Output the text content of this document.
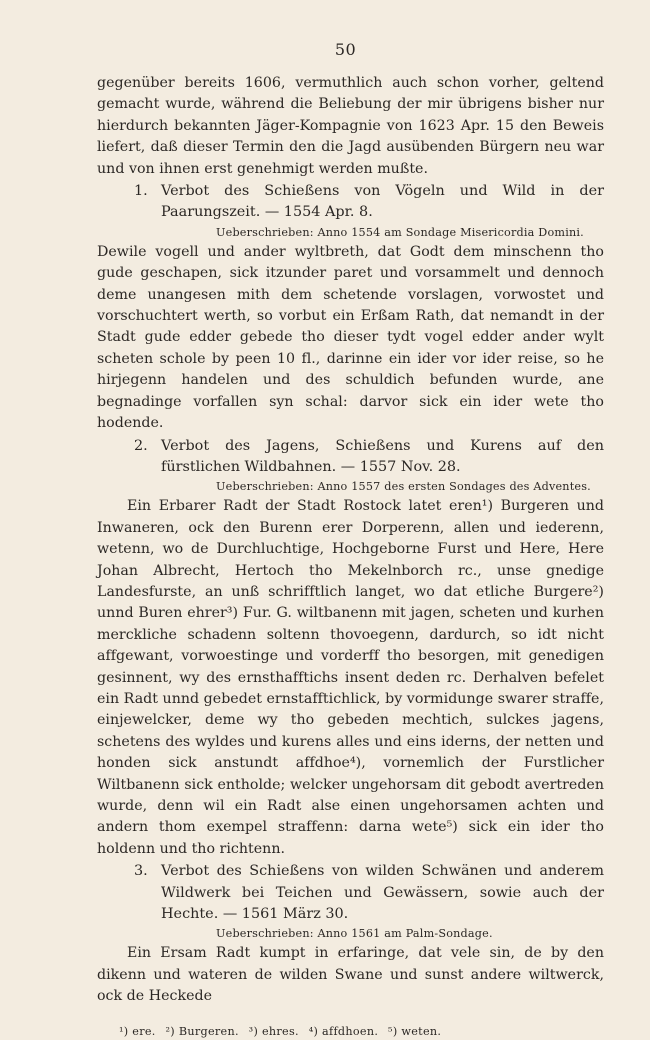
50

gegenüber bereits 1606, vermuthlich auch schon vorher, geltend gemacht wurde, während die Beliebung der mir übrigens bisher nur hierdurch bekannten Jäger-Kompagnie von 1623 Apr. 15 den Beweis liefert, daß dieser Termin den die Jagd ausübenden Bürgern neu war und von ihnen erst genehmigt werden mußte.

1. Verbot des Schießens von Vögeln und Wild in der Paarungszeit. — 1554 Apr. 8.
Ueberschrieben: Anno 1554 am Sondage Misericordia Domini.

Dewile vogell und ander wyltbreth, dat Godt dem minschenn tho gude geschapen, sick itzunder paret und vorsammelt und dennoch deme unangesen mith dem schetende vorslagen, vorwostet und vorschuchtert werth, so vorbut ein Erßam Rath, dat nemandt in der Stadt gude edder gebede tho dieser tydt vogel edder ander wylt scheten schole by peen 10 fl., darinne ein ider vor ider reise, so he hirjegenn handelen und des schuldich befunden wurde, ane begnadinge vorfallen syn schal: darvor sick ein ider wete tho hodende.

2. Verbot des Jagens, Schießens und Kurens auf den fürstlichen Wildbahnen. — 1557 Nov. 28.
Ueberschrieben: Anno 1557 des ersten Sondages des Adventes.

Ein Erbarer Radt der Stadt Rostock latet eren¹) Burgeren und Inwaneren, ock den Burenn erer Dorperenn, allen und iederenn, wetenn, wo de Durchluchtige, Hochgeborne Furst und Here, Here Johan Albrecht, Hertoch tho Mekelnborch rc., unse gnedige Landesfurste, an unß schrifftlich langet, wo dat etliche Burgere²) unnd Buren ehrer³) Fur. G. wiltbanenn mit jagen, scheten und kurhen merckliche schadenn soltenn thovoegenn, dardurch, so idt nicht affgewant, vorwoestinge und vorderff tho besorgen, mit genedigen gesinnent, wy des ernsthafftichs insent deden rc. Derhalven befelet ein Radt unnd gebedet ernstafftichlick, by vormidunge swarer straffe, einjewelcker, deme wy tho gebeden mechtich, sulckes jagens, schetens des wyldes und kurens alles und eins iderns, der netten und honden sick anstundt affdhoe⁴), vornemlich der Furstlicher Wiltbanenn sick entholde; welcker ungehorsam dit gebodt avertreden wurde, denn wil ein Radt alse einen ungehorsamen achten und andern thom exempel straffenn: darna wete⁵) sick ein ider tho holdenn und tho richtenn.

3. Verbot des Schießens von wilden Schwänen und anderem Wildwerk bei Teichen und Gewässern, sowie auch der Hechte. — 1561 März 30.
Ueberschrieben: Anno 1561 am Palm-Sondage.

Ein Ersam Radt kumpt in erfaringe, dat vele sin, de by den dikenn und wateren de wilden Swane und sunst andere wiltwerck, ock de Heckede

¹) ere. ²) Burgeren. ³) ehres. ⁴) affdhoen. ⁵) weten.
